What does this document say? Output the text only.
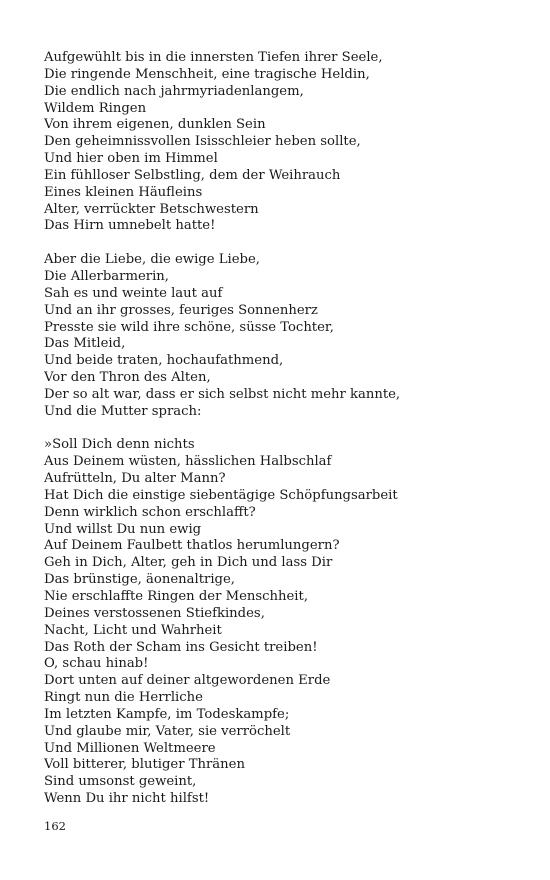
Aufgewühlt bis in die innersten Tiefen ihrer Seele,
Die ringende Menschheit, eine tragische Heldin,
Die endlich nach jahrmyriadenlangem,
Wildem Ringen
Von ihrem eigenen, dunklen Sein
Den geheimnissvollen Isisschleier heben sollte,
Und hier oben im Himmel
Ein fühlloser Selbstling, dem der Weihrauch
Eines kleinen Häufleins
Alter, verrückter Betschwestern
Das Hirn umnebelt hatte!
Aber die Liebe, die ewige Liebe,
Die Allerbarmerin,
Sah es und weinte laut auf
Und an ihr grosses, feuriges Sonnenherz
Presste sie wild ihre schöne, süsse Tochter,
Das Mitleid,
Und beide traten, hochaufathmend,
Vor den Thron des Alten,
Der so alt war, dass er sich selbst nicht mehr kannte,
Und die Mutter sprach:
»Soll Dich denn nichts
Aus Deinem wüsten, hässlichen Halbschlaf
Aufrütteln, Du alter Mann?
Hat Dich die einstige siebentägige Schöpfungsarbeit
Denn wirklich schon erschlafft?
Und willst Du nun ewig
Auf Deinem Faulbett thatlos herumlungern?
Geh in Dich, Alter, geh in Dich und lass Dir
Das brünstige, äonenaltrige,
Nie erschlaffte Ringen der Menschheit,
Deines verstossenen Stiefkindes,
Nacht, Licht und Wahrheit
Das Roth der Scham ins Gesicht treiben!
O, schau hinab!
Dort unten auf deiner altgewordenen Erde
Ringt nun die Herrliche
Im letzten Kampfe, im Todeskampfe;
Und glaube mir, Vater, sie verröchelt
Und Millionen Weltmeere
Voll bitterer, blutiger Thränen
Sind umsonst geweint,
Wenn Du ihr nicht hilfst!
162
